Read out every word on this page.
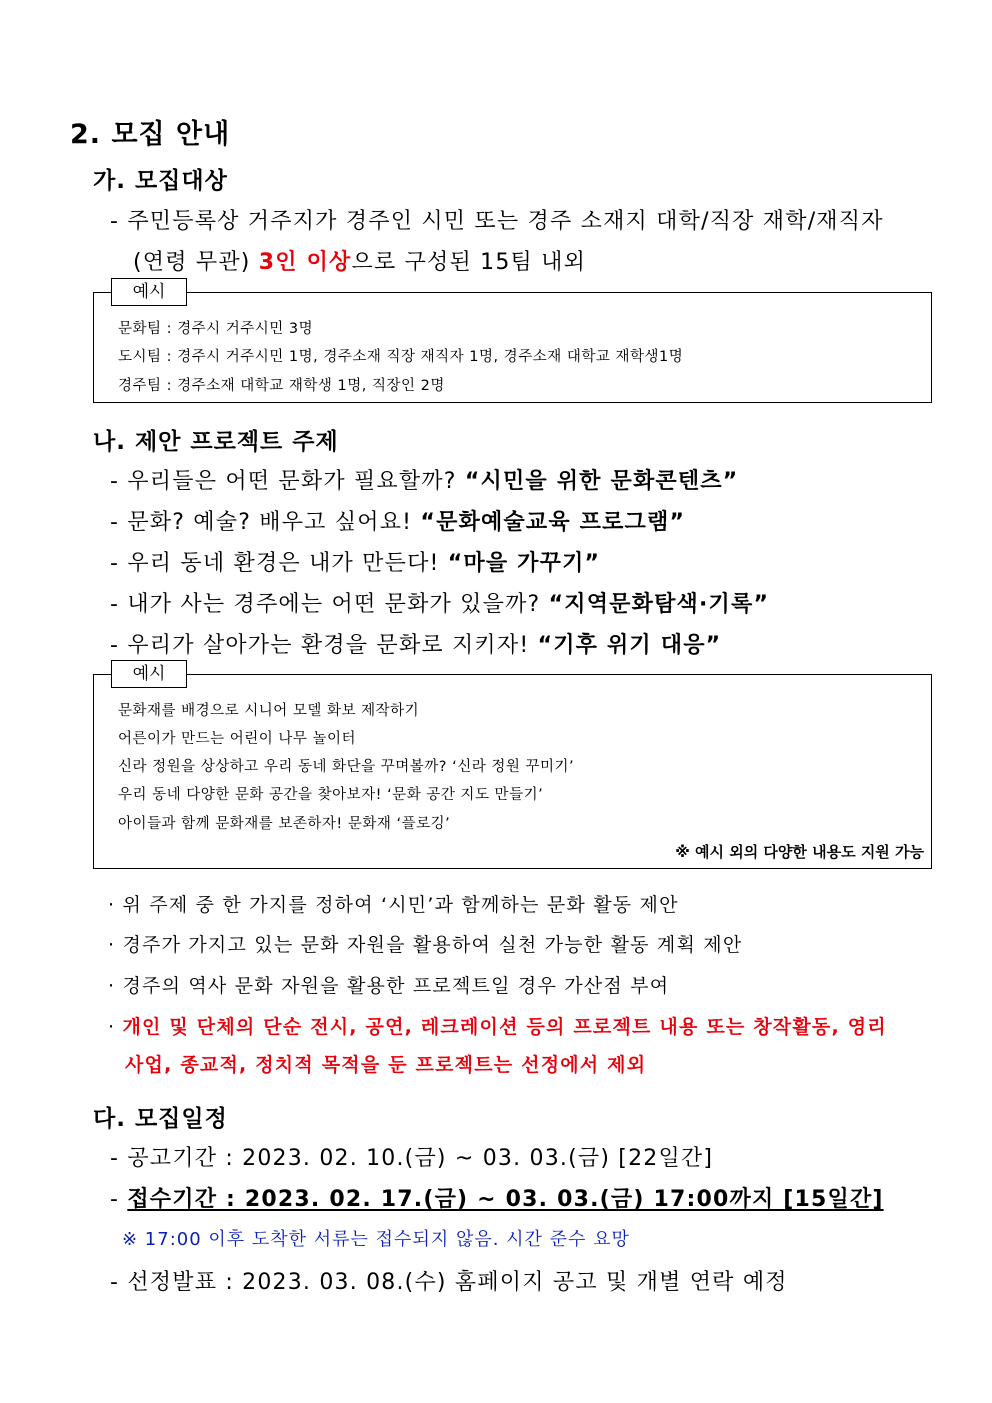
2. 모집 안내
가. 모집대상
- 주민등록상 거주지가 경주인 시민 또는 경주 소재지 대학/직장 재학/재직자
(연령 무관) 3인 이상으로 구성된 15팀 내외
예시
문화팀 : 경주시 거주시민 3명
도시팀 : 경주시 거주시민 1명, 경주소재 직장 재직자 1명, 경주소재 대학교 재학생1명
경주팀 : 경주소재 대학교 재학생 1명, 직장인 2명
나. 제안 프로젝트 주제
- 우리들은 어떤 문화가 필요할까? “시민을 위한 문화콘텐츠”
- 문화? 예술? 배우고 싶어요! “문화예술교육 프로그램”
- 우리 동네 환경은 내가 만든다! “마을 가꾸기”
- 내가 사는 경주에는 어떤 문화가 있을까? “지역문화탐색·기록”
- 우리가 살아가는 환경을 문화로 지키자! “기후 위기 대응”
예시
문화재를 배경으로 시니어 모델 화보 제작하기
어른이가 만드는 어린이 나무 놀이터
신라 정원을 상상하고 우리 동네 화단을 꾸며볼까? ‘신라 정원 꾸미기’
우리 동네 다양한 문화 공간을 찾아보자! ‘문화 공간 지도 만들기’
아이들과 함께 문화재를 보존하자! 문화재 ‘플로깅’
※ 예시 외의 다양한 내용도 지원 가능
· 위 주제 중 한 가지를 정하여 ‘시민’과 함께하는 문화 활동 제안
· 경주가 가지고 있는 문화 자원을 활용하여 실천 가능한 활동 계획 제안
· 경주의 역사 문화 자원을 활용한 프로젝트일 경우 가산점 부여
· 개인 및 단체의 단순 전시, 공연, 레크레이션 등의 프로젝트 내용 또는 창작활동, 영리
사업, 종교적, 정치적 목적을 둔 프로젝트는 선정에서 제외
다. 모집일정
- 공고기간 : 2023. 02. 10.(금) ~ 03. 03.(금) [22일간]
- 접수기간 : 2023. 02. 17.(금) ~ 03. 03.(금) 17:00까지 [15일간]
※ 17:00 이후 도착한 서류는 접수되지 않음. 시간 준수 요망
- 선정발표 : 2023. 03. 08.(수) 홈페이지 공고 및 개별 연락 예정
